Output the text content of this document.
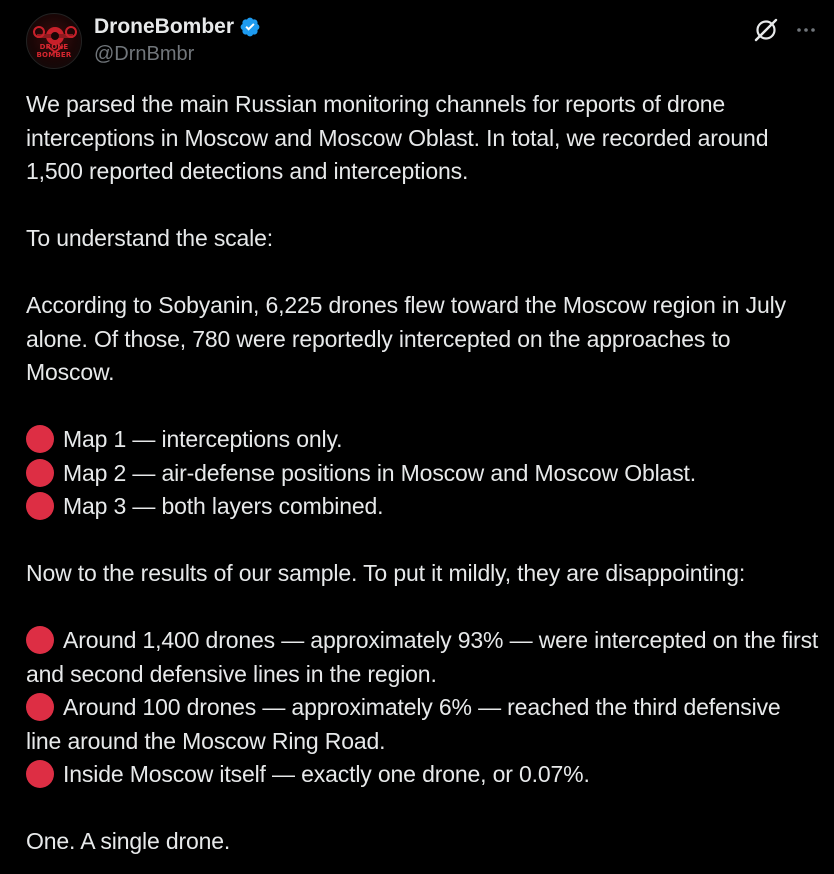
DRONE BOMBER
DroneBomber
@DrnBmbr
We parsed the main Russian monitoring channels for reports of drone interceptions in Moscow and Moscow Oblast. In total, we recorded around 1,500 reported detections and interceptions.
To understand the scale:
According to Sobyanin, 6,225 drones flew toward the Moscow region in July alone. Of those, 780 were reportedly intercepted on the approaches to Moscow.
Map 1 — interceptions only.
Map 2 — air-defense positions in Moscow and Moscow Oblast.
Map 3 — both layers combined.
Now to the results of our sample. To put it mildly, they are disappointing:
Around 1,400 drones — approximately 93% — were intercepted on the first and second defensive lines in the region.
Around 100 drones — approximately 6% — reached the third defensive line around the Moscow Ring Road.
Inside Moscow itself — exactly one drone, or 0.07%.
One. A single drone.
